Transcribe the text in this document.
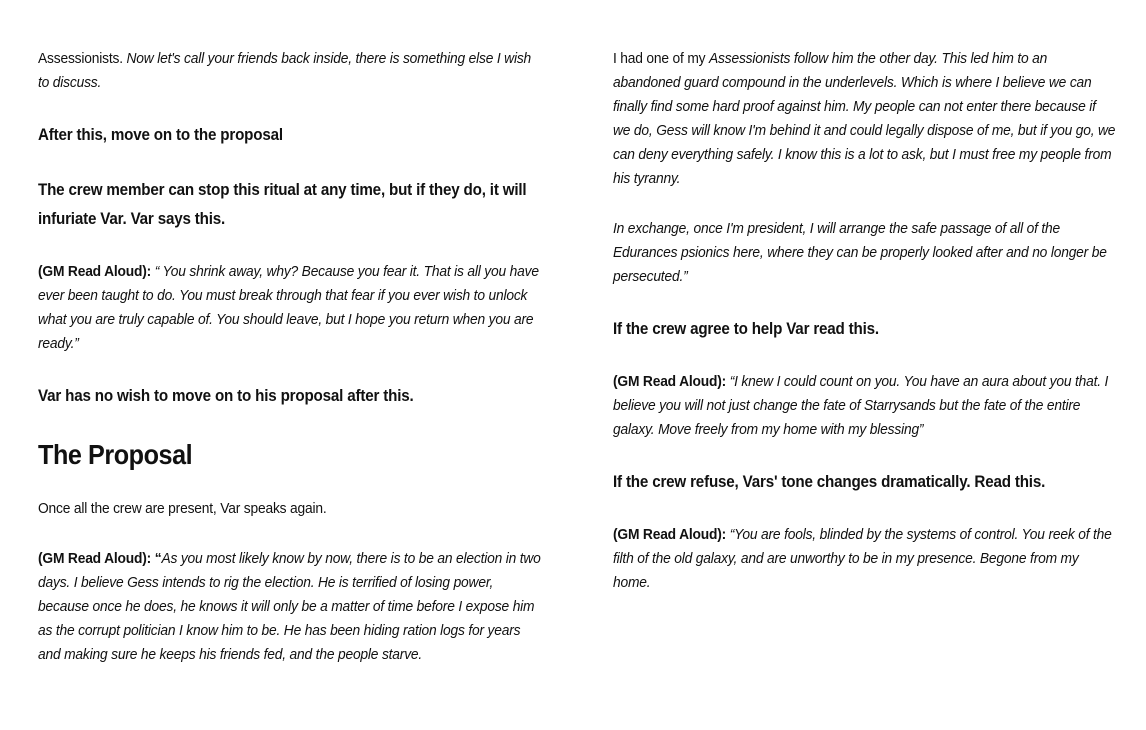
Assessionists. Now let's call your friends back inside, there is something else I wish to discuss.

After this, move on to the proposal

The crew member can stop this ritual at any time, but if they do, it will infuriate Var. Var says this.

(GM Read Aloud): “ You shrink away, why? Because you fear it. That is all you have ever been taught to do. You must break through that fear if you ever wish to unlock what you are truly capable of. You should leave, but I hope you return when you are ready.”

Var has no wish to move on to his proposal after this.

The Proposal

Once all the crew are present, Var speaks again.

(GM Read Aloud): “As you most likely know by now, there is to be an election in two days. I believe Gess intends to rig the election. He is terrified of losing power, because once he does, he knows it will only be a matter of time before I expose him as the corrupt politician I know him to be. He has been hiding ration logs for years and making sure he keeps his friends fed, and the people starve.

I had one of my Assessionists follow him the other day. This led him to an abandoned guard compound in the underlevels. Which is where I believe we can finally find some hard proof against him. My people can not enter there because if we do, Gess will know I'm behind it and could legally dispose of me, but if you go, we can deny everything safely. I know this is a lot to ask, but I must free my people from his tyranny.

In exchange, once I'm president, I will arrange the safe passage of all of the Edurances psionics here, where they can be properly looked after and no longer be persecuted.”

If the crew agree to help Var read this.

(GM Read Aloud): “I knew I could count on you. You have an aura about you that. I believe you will not just change the fate of Starrysands but the fate of the entire galaxy. Move freely from my home with my blessing”

If the crew refuse, Vars' tone changes dramatically. Read this.

(GM Read Aloud): “You are fools, blinded by the systems of control. You reek of the filth of the old galaxy, and are unworthy to be in my presence. Begone from my home.
